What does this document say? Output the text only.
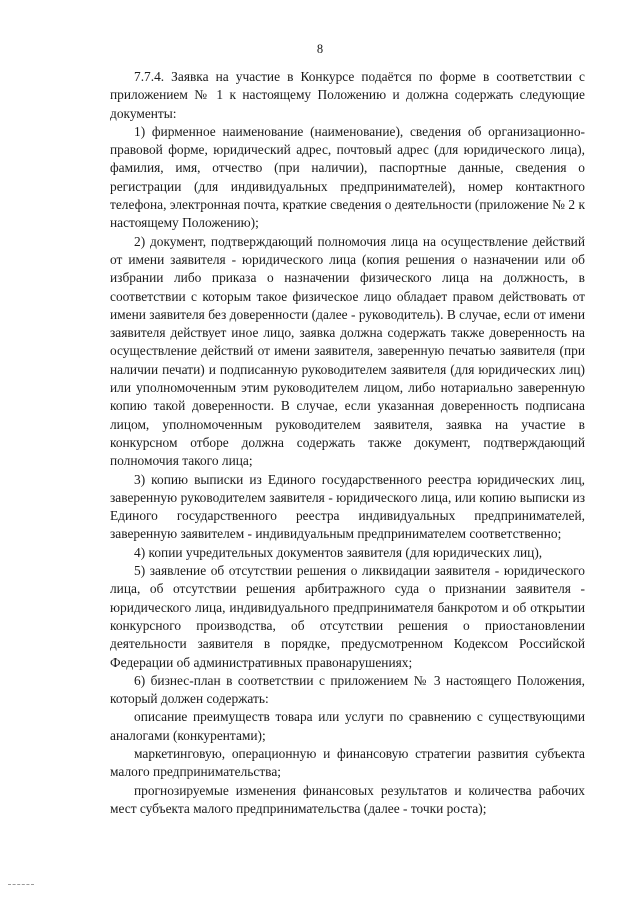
8

7.7.4. Заявка на участие в Конкурсе подаётся по форме в соответствии с приложением № 1 к настоящему Положению и должна содержать следующие документы:

1) фирменное наименование (наименование), сведения об организационно-правовой форме, юридический адрес, почтовый адрес (для юридического лица), фамилия, имя, отчество (при наличии), паспортные данные, сведения о регистрации (для индивидуальных предпринимателей), номер контактного телефона, электронная почта, краткие сведения о деятельности (приложение № 2 к настоящему Положению);

2) документ, подтверждающий полномочия лица на осуществление действий от имени заявителя - юридического лица (копия решения о назначении или об избрании либо приказа о назначении физического лица на должность, в соответствии с которым такое физическое лицо обладает правом действовать от имени заявителя без доверенности (далее - руководитель). В случае, если от имени заявителя действует иное лицо, заявка должна содержать также доверенность на осуществление действий от имени заявителя, заверенную печатью заявителя (при наличии печати) и подписанную руководителем заявителя (для юридических лиц) или уполномоченным этим руководителем лицом, либо нотариально заверенную копию такой доверенности. В случае, если указанная доверенность подписана лицом, уполномоченным руководителем заявителя, заявка на участие в конкурсном отборе должна содержать также документ, подтверждающий полномочия такого лица;

3) копию выписки из Единого государственного реестра юридических лиц, заверенную руководителем заявителя - юридического лица, или копию выписки из Единого государственного реестра индивидуальных предпринимателей, заверенную заявителем - индивидуальным предпринимателем соответственно;

4) копии учредительных документов заявителя (для юридических лиц),

5) заявление об отсутствии решения о ликвидации заявителя - юридического лица, об отсутствии решения арбитражного суда о признании заявителя - юридического лица, индивидуального предпринимателя банкротом и об открытии конкурсного производства, об отсутствии решения о приостановлении деятельности заявителя в порядке, предусмотренном Кодексом Российской Федерации об административных правонарушениях;

6) бизнес-план в соответствии с приложением № 3 настоящего Положения, который должен содержать:

описание преимуществ товара или услуги по сравнению с существующими аналогами (конкурентами);

маркетинговую, операционную и финансовую стратегии развития субъекта малого предпринимательства;

прогнозируемые изменения финансовых результатов и количества рабочих мест субъекта малого предпринимательства (далее - точки роста);
